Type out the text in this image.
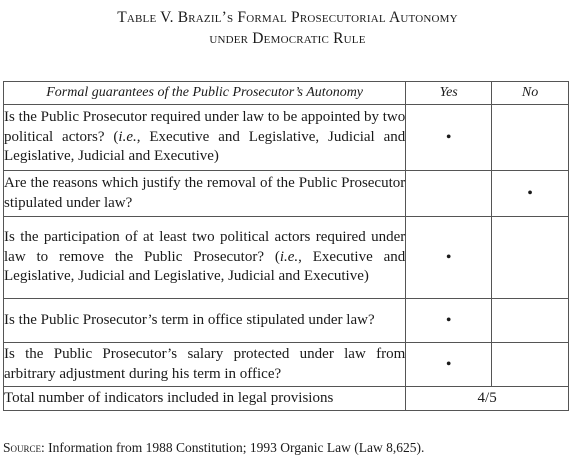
Table V. Brazil’s Formal Prosecutorial Autonomy
under Democratic Rule
Formal guarantees of the Public Prosecutor’s Autonomy	Yes	No
Is the Public Prosecutor required under law to be appointed by two political actors? (i.e., Executive and Legislative, Judicial and Legislative, Judicial and Executive)	•	
Are the reasons which justify the removal of the Public Prosecutor stipulated under law?		•
Is the participation of at least two political actors required under law to remove the Public Prosecutor? (i.e., Executive and Legislative, Judicial and Legislative, Judicial and Executive)	•	
Is the Public Prosecutor’s term in office stipulated under law?	•	
Is the Public Prosecutor’s salary protected under law from arbitrary adjustment during his term in office?	•	
Total number of indicators included in legal provisions	4/5	
Source: Information from 1988 Constitution; 1993 Organic Law (Law 8,625).
